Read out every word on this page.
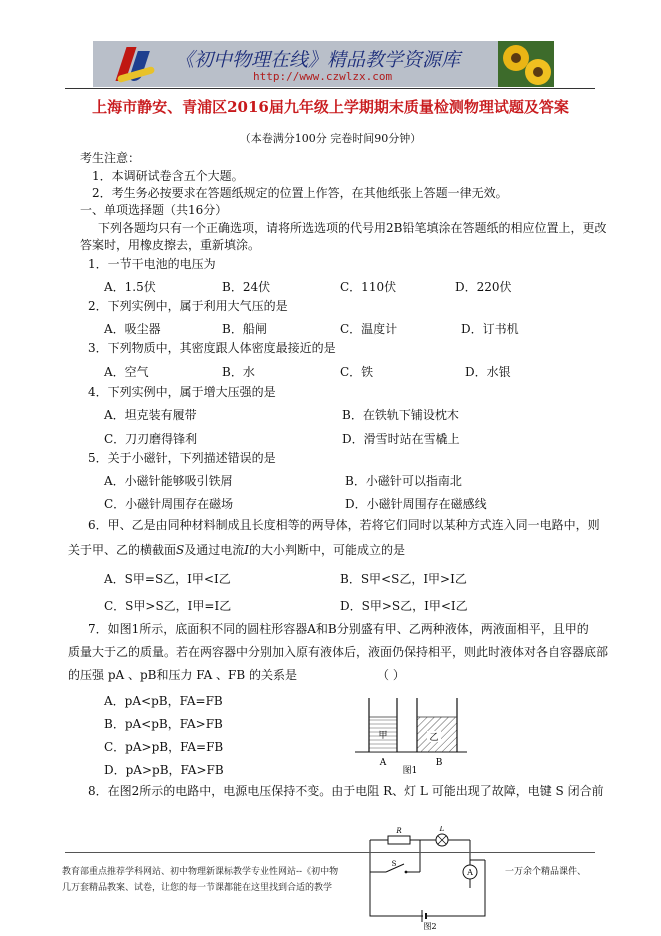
《初中物理在线》精品教学资源库
http://www.czwlzx.com
上海市静安、青浦区2016届九年级上学期期末质量检测物理试题及答案
（本卷满分100分 完卷时间90分钟）
考生注意：
1．本调研试卷含五个大题。
2．考生务必按要求在答题纸规定的位置上作答，在其他纸张上答题一律无效。
一、单项选择题（共16分）
下列各题均只有一个正确选项，请将所选选项的代号用2B铅笔填涂在答题纸的相应位置上，更改
答案时，用橡皮擦去，重新填涂。
1．一节干电池的电压为
A．1.5伏	B．24伏	C．110伏	D．220伏
2．下列实例中，属于利用大气压的是
A．吸尘器	B．船闸	C．温度计	D．订书机
3．下列物质中，其密度跟人体密度最接近的是
A．空气	B．水	C．铁	D．水银
4．下列实例中，属于增大压强的是
A．坦克装有履带	B．在铁轨下铺设枕木
C．刀刃磨得锋利	D．滑雪时站在雪橇上
5．关于小磁针，下列描述错误的是
A．小磁针能够吸引铁屑	B．小磁针可以指南北
C．小磁针周围存在磁场	D．小磁针周围存在磁感线
6．甲、乙是由同种材料制成且长度相等的两导体，若将它们同时以某种方式连入同一电路中，则
关于甲、乙的横截面S及通过电流I的大小判断中，可能成立的是
A．S甲=S乙，I甲<I乙	B．S甲<S乙，I甲>I乙
C．S甲>S乙，I甲=I乙	D．S甲>S乙，I甲<I乙
7．如图1所示，底面积不同的圆柱形容器A和B分别盛有甲、乙两种液体，两液面相平，且甲的
质量大于乙的质量。若在两容器中分别加入原有液体后，液面仍保持相平，则此时液体对各自容器底部
的压强 pA 、pB和压力 FA 、FB 的关系是	（ ）
A．pA<pB，FA=FB
B．pA<pB，FA>FB
C．pA>pB，FA=FB
D．pA>pB，FA>FB
甲	乙
A	B
图1
8．在图2所示的电路中，电源电压保持不变。由于电阻 R、灯 L 可能出现了故障，电键 S 闭合前
R	L
A
S
图2
教育部重点推荐学科网站、初中物理新课标教学专业性网站--《初中物
几万套精品教案、试卷，让您的每一节课都能在这里找到合适的教学
一万余个精品课件、
